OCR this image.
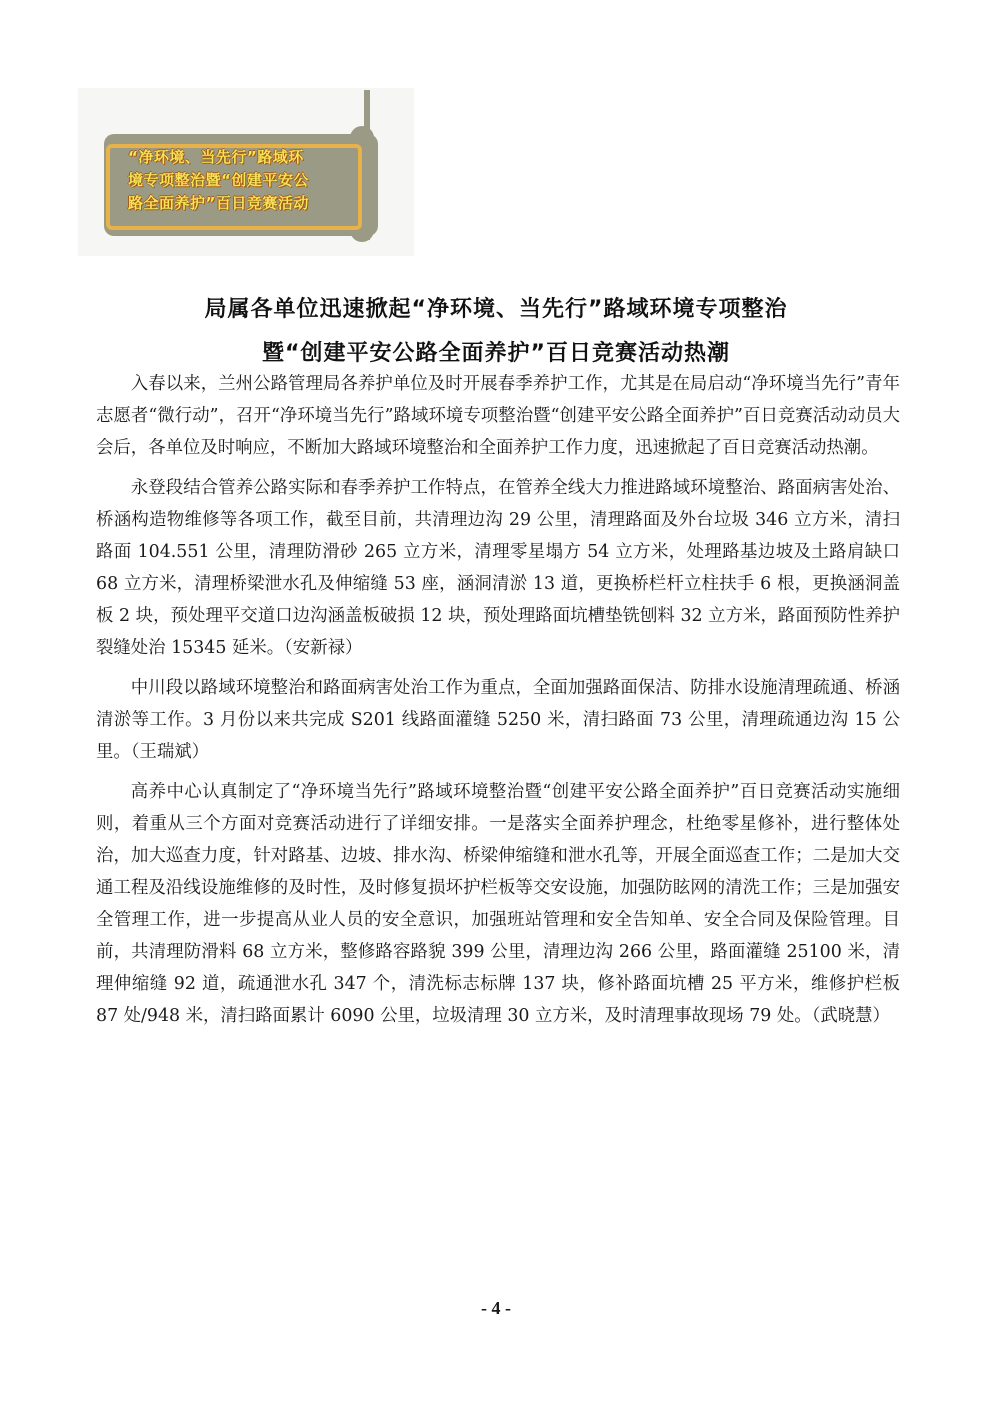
“净环境、当先行”路域环
境专项整治暨“创建平安公
路全面养护”百日竞赛活动
局属各单位迅速掀起“净环境、当先行”路域环境专项整治
暨“创建平安公路全面养护”百日竞赛活动热潮

入春以来，兰州公路管理局各养护单位及时开展春季养护工作，尤其是在局启动“净环境当先行”青年志愿者“微行动”，召开“净环境当先行”路域环境专项整治暨“创建平安公路全面养护”百日竞赛活动动员大会后，各单位及时响应，不断加大路域环境整治和全面养护工作力度，迅速掀起了百日竞赛活动热潮。

永登段结合管养公路实际和春季养护工作特点，在管养全线大力推进路域环境整治、路面病害处治、桥涵构造物维修等各项工作，截至目前，共清理边沟 29 公里，清理路面及外台垃圾 346 立方米，清扫路面 104.551 公里，清理防滑砂 265 立方米，清理零星塌方 54 立方米，处理路基边坡及土路肩缺口 68 立方米，清理桥梁泄水孔及伸缩缝 53 座，涵洞清淤 13 道，更换桥栏杆立柱扶手 6 根，更换涵洞盖板 2 块，预处理平交道口边沟涵盖板破损 12 块，预处理路面坑槽垫铣刨料 32 立方米，路面预防性养护裂缝处治 15345 延米。（安新禄）

中川段以路域环境整治和路面病害处治工作为重点，全面加强路面保洁、防排水设施清理疏通、桥涵清淤等工作。3 月份以来共完成 S201 线路面灌缝 5250 米，清扫路面 73 公里，清理疏通边沟 15 公里。（王瑞斌）

高养中心认真制定了“净环境当先行”路域环境整治暨“创建平安公路全面养护”百日竞赛活动实施细则，着重从三个方面对竞赛活动进行了详细安排。一是落实全面养护理念，杜绝零星修补，进行整体处治，加大巡查力度，针对路基、边坡、排水沟、桥梁伸缩缝和泄水孔等，开展全面巡查工作；二是加大交通工程及沿线设施维修的及时性，及时修复损坏护栏板等交安设施，加强防眩网的清洗工作；三是加强安全管理工作，进一步提高从业人员的安全意识，加强班站管理和安全告知单、安全合同及保险管理。目前，共清理防滑料 68 立方米，整修路容路貌 399 公里，清理边沟 266 公里，路面灌缝 25100 米，清理伸缩缝 92 道，疏通泄水孔 347 个，清洗标志标牌 137 块，修补路面坑槽 25 平方米，维修护栏板 87 处/948 米，清扫路面累计 6090 公里，垃圾清理 30 立方米，及时清理事故现场 79 处。（武晓慧）

- 4 -
